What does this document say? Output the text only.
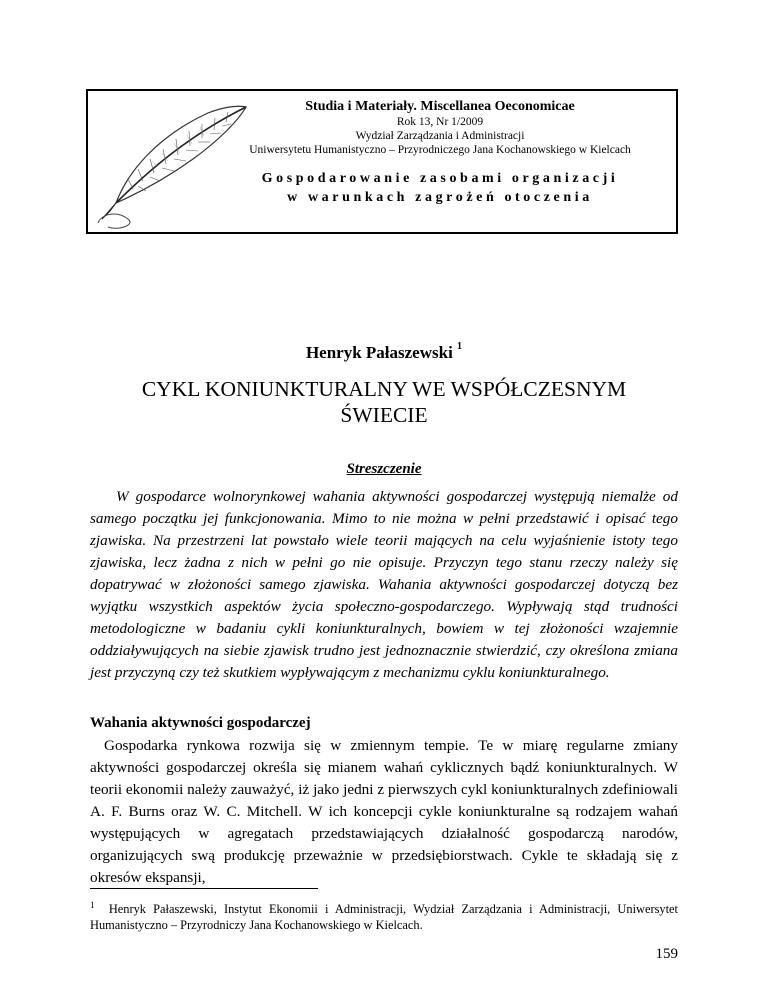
Studia i Materiały. Miscellanea Oeconomicae
Rok 13, Nr 1/2009
Wydział Zarządzania i Administracji
Uniwersytetu Humanistyczno – Przyrodniczego Jana Kochanowskiego w Kielcach
Gospodarowanie zasobami organizacji
w warunkach zagrożeń otoczenia
Henryk Pałaszewski $^1$
CYKL KONIUNKTURALNY WE WSPÓŁCZESNYM
ŚWIECIE
Streszczenie

W gospodarce wolnorynkowej wahania aktywności gospodarczej występują niemalże od samego początku jej funkcjonowania. Mimo to nie można w pełni przedstawić i opisać tego zjawiska. Na przestrzeni lat powstało wiele teorii mających na celu wyjaśnienie istoty tego zjawiska, lecz żadna z nich w pełni go nie opisuje. Przyczyn tego stanu rzeczy należy się dopatrywać w złożoności samego zjawiska. Wahania aktywności gospodarczej dotyczą bez wyjątku wszystkich aspektów życia społeczno-gospodarczego. Wypływają stąd trudności metodologiczne w badaniu cykli koniunkturalnych, bowiem w tej złożoności wzajemnie oddziaływujących na siebie zjawisk trudno jest jednoznacznie stwierdzić, czy określona zmiana jest przyczyną czy też skutkiem wypływającym z mechanizmu cyklu koniunkturalnego.

Wahania aktywności gospodarczej

Gospodarka rynkowa rozwija się w zmiennym tempie. Te w miarę regularne zmiany aktywności gospodarczej określa się mianem wahań cyklicznych bądź koniunkturalnych. W teorii ekonomii należy zauważyć, iż jako jedni z pierwszych cykl koniunkturalnych zdefiniowali A. F. Burns oraz W. C. Mitchell. W ich koncepcji cykle koniunkturalne są rodzajem wahań występujących w agregatach przedstawiających działalność gospodarczą narodów, organizujących swą produkcję przeważnie w przedsiębiorstwach. Cykle te składają się z okresów ekspansji,

$^1$ Henryk Pałaszewski, Instytut Ekonomii i Administracji, Wydział Zarządzania i Administracji, Uniwersytet Humanistyczno – Przyrodniczy Jana Kochanowskiego w Kielcach.

159
